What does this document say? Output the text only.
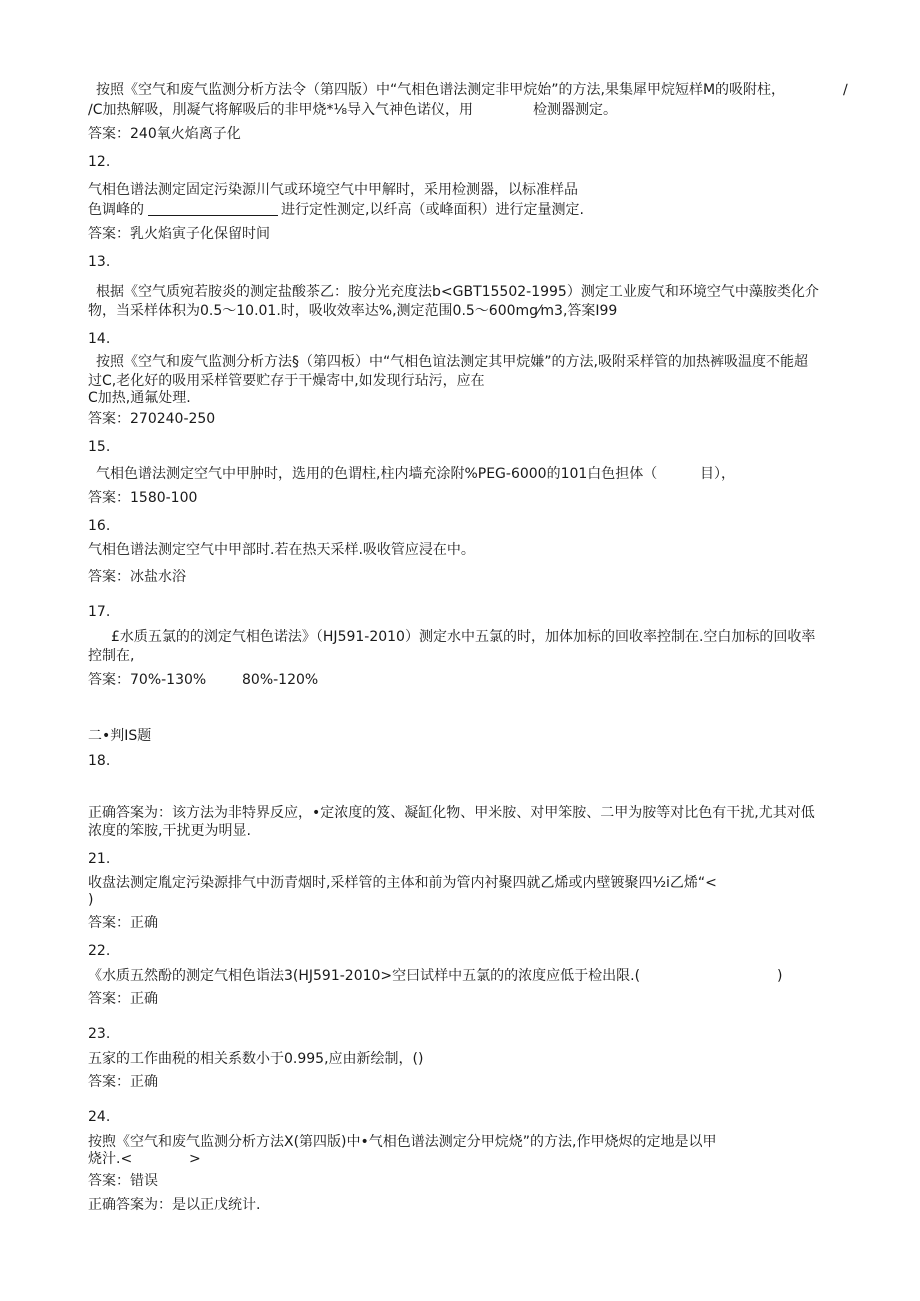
按照《空气和废气监测分析方法令（第四版）中“气相色谱法测定非甲烷始”的方法,果集犀甲烷短样M的吸附柱，	∕
∕C加热解吸，刖凝气将解吸后的非甲烧*⅛导入气神色诺仪，用	检测器测定。
答案：240氧火焰离子化
12.
气相色谱法测定固定污染源川气或环境空气中甲解时，采用检测器，以标准样品
色调峰的	进行定性测定,以纤高（或峰面积）进行定量测定.
答案：乳火焰寅子化保留时间
13.
根据《空气质宛若胺炎的测定盐酸茶乙：胺分光充度法b<GBT15502-1995）测定工业废气和环境空气中藻胺类化介
物，当采样体积为0.5～10.01.时，吸收效率达%,测定范围0.5～600mg⁄m3,答案I99
14.
按照《空气和废气监测分析方法§（第四板）中“气相色谊法测定其甲烷嫌”的方法,吸附采样管的加热裤吸温度不能超
过C,老化好的吸用采样管要贮存于干燥寄中,如发现行玷污，应在
C加热,通氟处理.
答案：270240-250
15.
气相色谱法测定空气中甲肿时，选用的色谓柱,柱内墙充涂附%PEG-6000的101白色担体（	目），
答案：1580-100
16.
气相色谱法测定空气中甲部时.若在热天采样.吸收管应浸在中。
答案：冰盐水浴
17.
£水质五氯的的浏定气相色诺法》（HJ591-2010）测定水中五氯的时，加体加标的回收率控制在.空白加标的回收率
控制在,
答案：70%-130%	80%-120%
二•判IS题
18.
正确答案为：该方法为非特界反应，•定浓度的笈、凝缸化物、甲米胺、对甲笨胺、二甲为胺等对比色有干扰,尤其对低
浓度的笨胺,干扰更为明显.
21.
收盘法测定胤定污染源排气中沥青烟时,采样管的主体和前为管内衬聚四就乙烯或内壁镀聚四½i乙烯“<
)
答案：正确
22.
《水质五然酚的测定气相色诣法3(HJ591-2010>空曰试样中五氯的的浓度应低于检出限.(	)
答案：正确
23.
五家的工作曲税的相关系数小于0.995,应由新绘制，()
答案：正确
24.
按煦《空气和废气监测分析方法X(第四版)中•气相色谱法测定分甲烷烧”的方法,作甲烧烬的定地是以甲
烧汁.<	>
答案：错误
正确答案为：是以正戊统计.
